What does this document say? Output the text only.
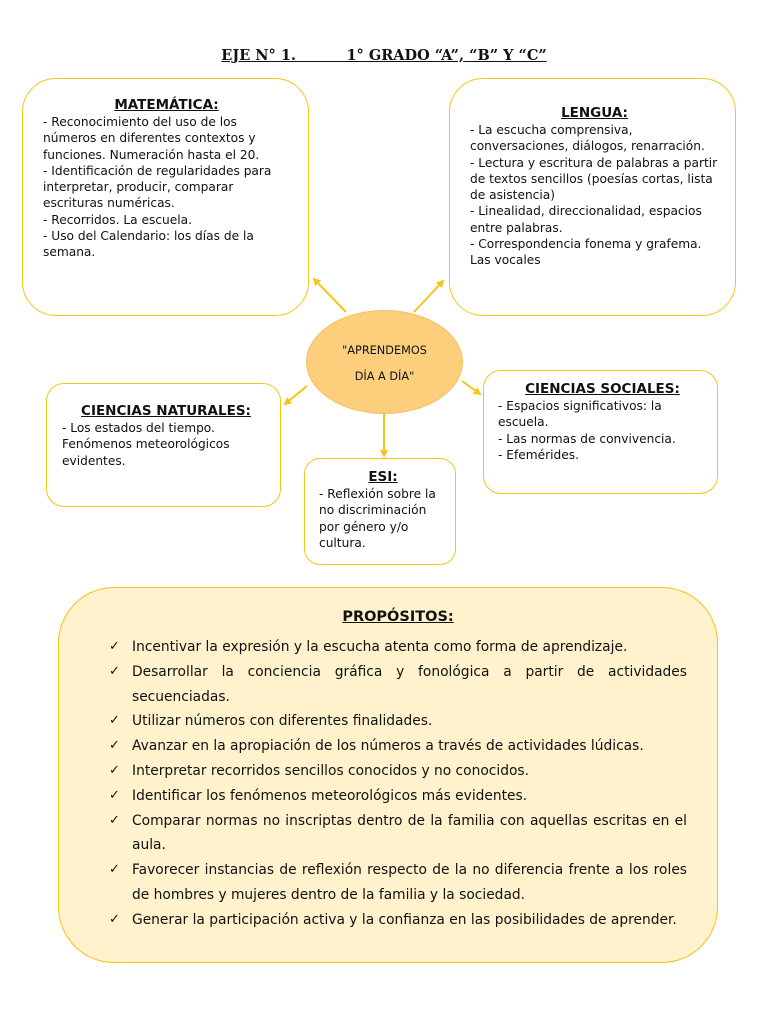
EJE N° 1.          1° GRADO “A”, “B” Y “C”
MATEMÁTICA:
- Reconocimiento del uso de los números en diferentes contextos y funciones. Numeración hasta el 20.
- Identificación de regularidades para interpretar, producir, comparar escrituras numéricas.
- Recorridos. La escuela.
- Uso del Calendario: los días de la semana.
LENGUA:
- La escucha comprensiva, conversaciones, diálogos, renarración.
- Lectura y escritura de palabras a partir de textos sencillos (poesías cortas, lista de asistencia)
- Linealidad, direccionalidad, espacios entre palabras.
- Correspondencia fonema y grafema. Las vocales
"APRENDEMOS
DÍA A DÍA"
CIENCIAS NATURALES:
- Los estados del tiempo. Fenómenos meteorológicos evidentes.
ESI:
- Reflexión sobre la no discriminación por género y/o cultura.
CIENCIAS SOCIALES:
- Espacios significativos: la escuela.
- Las normas de convivencia.
- Efemérides.
PROPÓSITOS:
✓ Incentivar la expresión y la escucha atenta como forma de aprendizaje.
✓ Desarrollar la conciencia gráfica y fonológica a partir de actividades secuenciadas.
✓ Utilizar números con diferentes finalidades.
✓ Avanzar en la apropiación de los números a través de actividades lúdicas.
✓ Interpretar recorridos sencillos conocidos y no conocidos.
✓ Identificar los fenómenos meteorológicos más evidentes.
✓ Comparar normas no inscriptas dentro de la familia con aquellas escritas en el aula.
✓ Favorecer instancias de reflexión respecto de la no diferencia frente a los roles de hombres y mujeres dentro de la familia y la sociedad.
✓ Generar la participación activa y la confianza en las posibilidades de aprender.
